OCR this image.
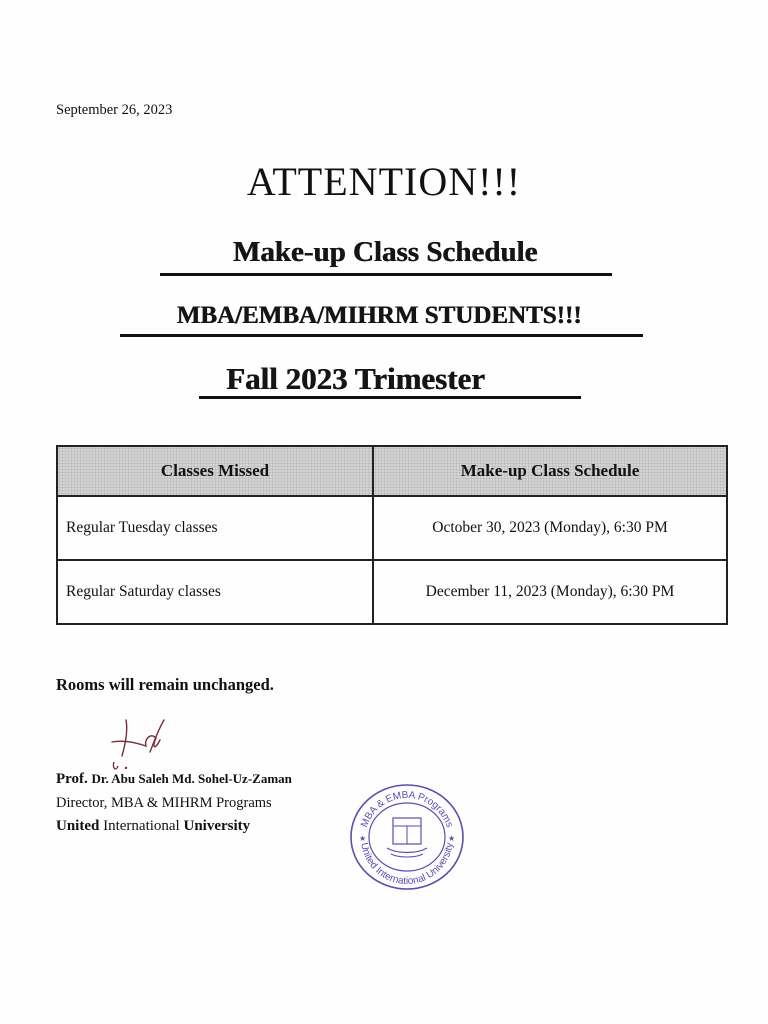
September 26, 2023
ATTENTION!!!
Make-up Class Schedule
MBA/EMBA/MIHRM STUDENTS!!!
Fall 2023 Trimester
Classes Missed	Make-up Class Schedule
Regular Tuesday classes	October 30, 2023 (Monday), 6:30 PM
Regular Saturday classes	December 11, 2023 (Monday), 6:30 PM
Rooms will remain unchanged.
Prof. Dr. Abu Saleh Md. Sohel-Uz-Zaman
Director, MBA & MIHRM Programs
United International University	MBA & EMBA Programs
United International University
★	★
